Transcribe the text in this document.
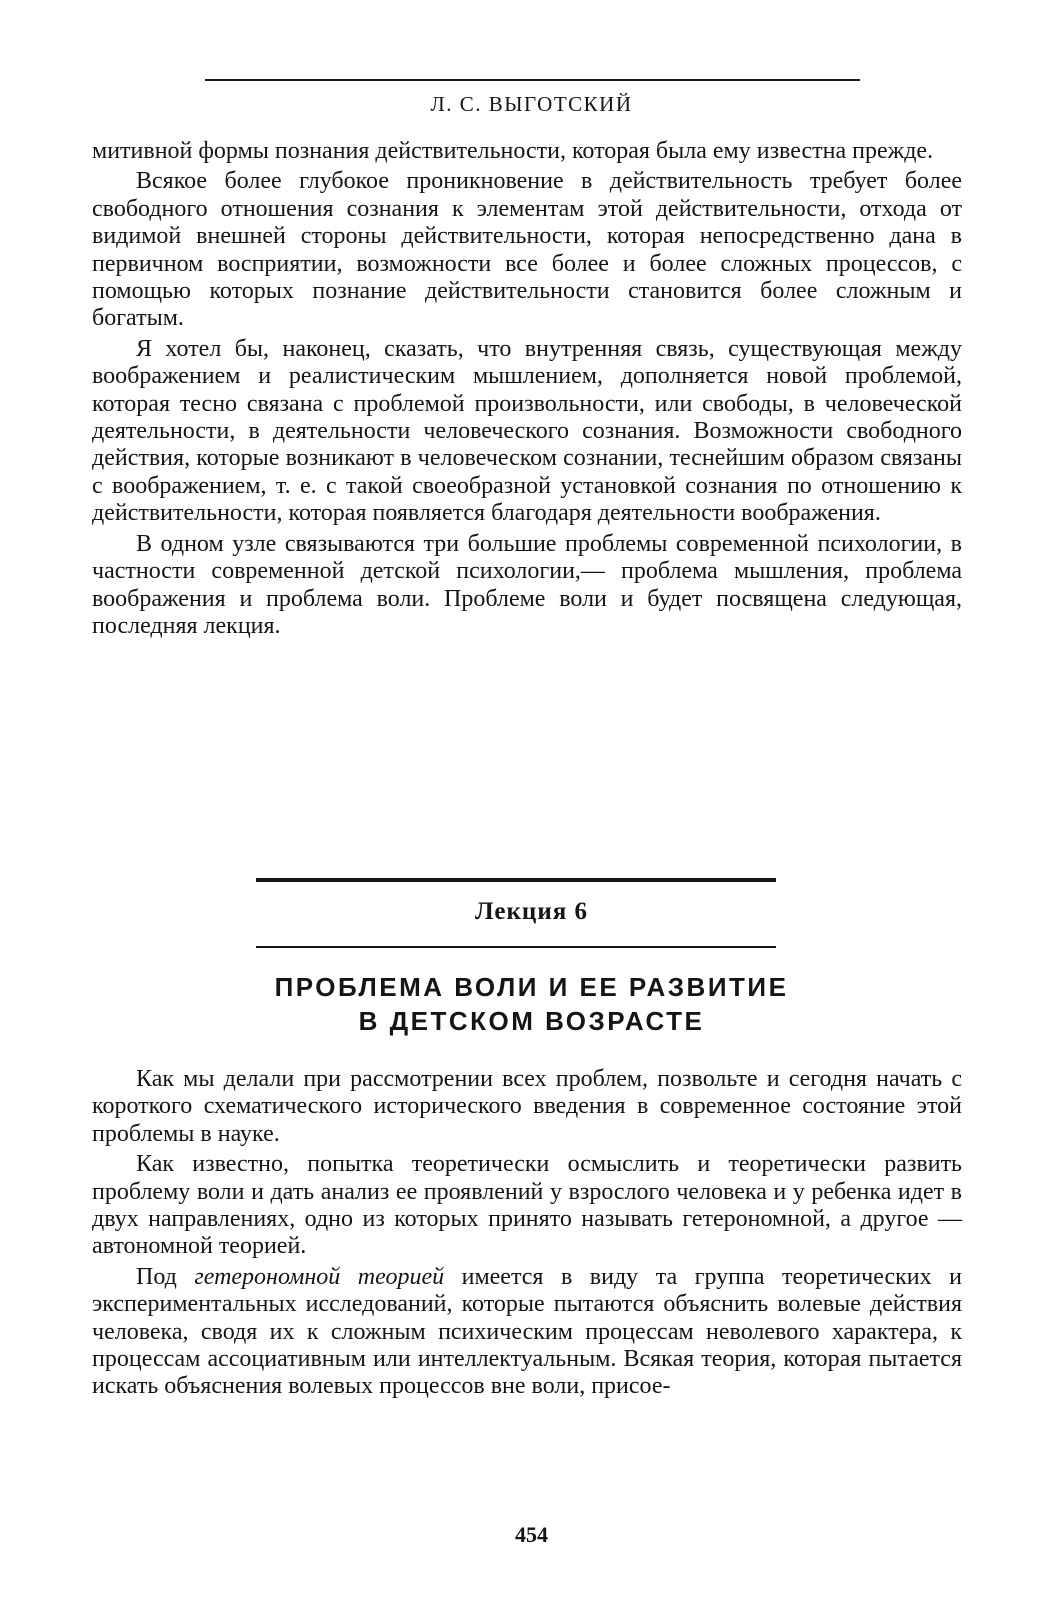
Л. С. ВЫГОТСКИЙ

митивной формы познания действительности, которая была ему известна прежде.

Всякое более глубокое проникновение в действительность требует более свободного отношения сознания к элементам этой действительности, отхода от видимой внешней стороны действительности, которая непосредственно дана в первичном восприятии, возможности все более и более сложных процессов, с помощью которых познание действительности становится более сложным и богатым.

Я хотел бы, наконец, сказать, что внутренняя связь, существующая между воображением и реалистическим мышлением, дополняется новой проблемой, которая тесно связана с проблемой произвольности, или свободы, в человеческой деятельности, в деятельности человеческого сознания. Возможности свободного действия, которые возникают в человеческом сознании, теснейшим образом связаны с воображением, т. е. с такой своеобразной установкой сознания по отношению к действительности, которая появляется благодаря деятельности воображения.

В одном узле связываются три большие проблемы современной психологии, в частности современной детской психологии,— проблема мышления, проблема воображения и проблема воли. Проблеме воли и будет посвящена следующая, последняя лекция.

Лекция 6
ПРОБЛЕМА ВОЛИ И ЕЕ РАЗВИТИЕ
В ДЕТСКОМ ВОЗРАСТЕ

Как мы делали при рассмотрении всех проблем, позвольте и сегодня начать с короткого схематического исторического введения в современное состояние этой проблемы в науке.

Как известно, попытка теоретически осмыслить и теоретически развить проблему воли и дать анализ ее проявлений у взрослого человека и у ребенка идет в двух направлениях, одно из которых принято называть гетерономной, а другое — автономной теорией.

Под гетерономной теорией имеется в виду та группа теоретических и экспериментальных исследований, которые пытаются объяснить волевые действия человека, сводя их к сложным психическим процессам неволевого характера, к процессам ассоциативным или интеллектуальным. Всякая теория, которая пытается искать объяснения волевых процессов вне воли, присое-

454
